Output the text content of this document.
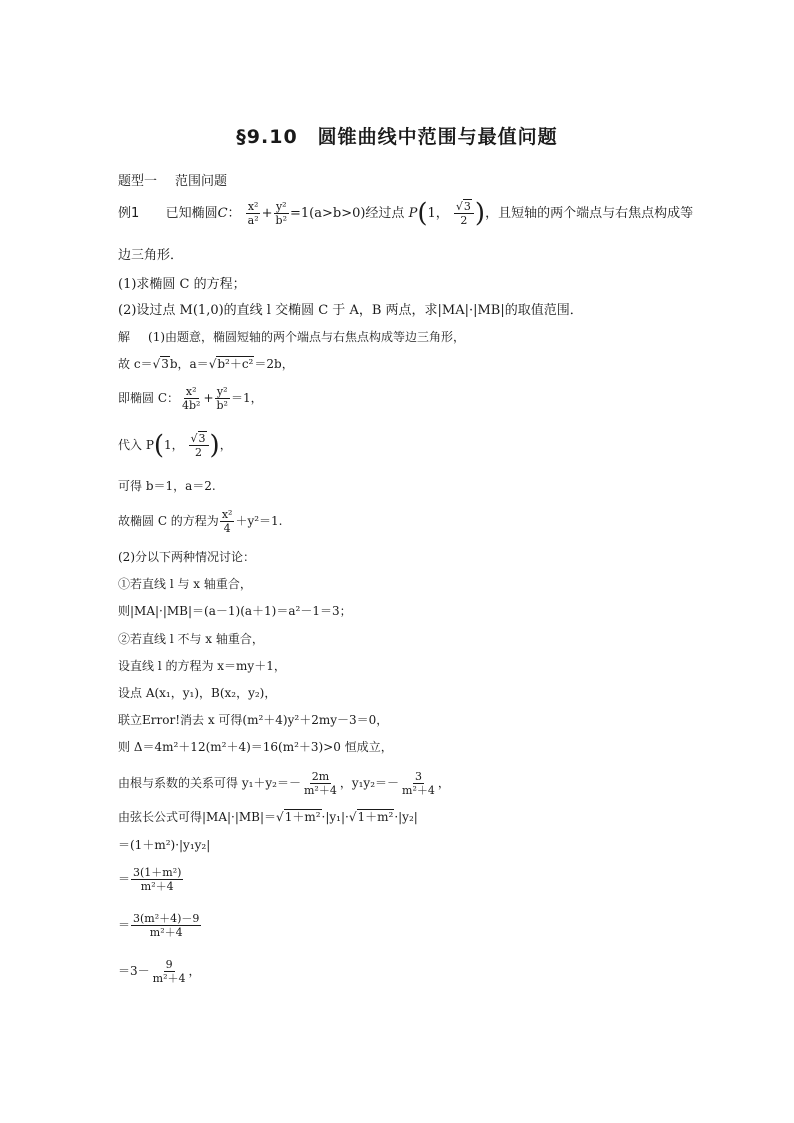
§9.10　圆锥曲线中范围与最值问题
题型一 范围问题
例1 已知椭圆C： $\frac{\text{x²}}{\text{a²}} + \frac{\text{y²}}{\text{b²}} =1(a>b>0)$经过点 P(1， $\frac{√3}{2}$ )，且短轴的两个端点与右焦点构成等
边三角形．
(1)求椭圆 C 的方程；
(2)设过点 M(1,0)的直线 l 交椭圆 C 于 A，B 两点，求|MA|·|MB|的取值范围．
解 (1)由题意，椭圆短轴的两个端点与右焦点构成等边三角形，
故 c＝√3b，a＝√b²＋c²＝2b，
即椭圆 C： $\frac{\text{x²}}{\text{4b²}} + \frac{\text{y²}}{\text{b²}} =1$，
代入 P(1， $\frac{√3}{2}$ )，
可得 b＝1，a＝2.
故椭圆 C 的方程为 $\frac{\text{x²}}{4} +y^2=1$.
(2)分以下两种情况讨论：
①若直线 l 与 x 轴重合，
则|MA|·|MB|＝(a－1)(a＋1)＝a²－1＝3；
②若直线 l 不与 x 轴重合，
设直线 l 的方程为 x＝my＋1，
设点 A(x₁，y₁)，B(x₂，y₂)，
联立Error!消去 x 可得(m²＋4)y²＋2my－3＝0，
则 Δ＝4m²＋12(m²＋4)＝16(m²＋3)>0 恒成立，
由根与系数的关系可得 $y_1+y_2=- \frac{2m}{\text{m²＋4}}$ ，$y_1y_2=- \frac{3}{\text{m²＋4}}$ ，
由弦长公式可得|MA|·|MB|＝√1＋m²·|y₁|·√1＋m²·|y₂|
＝(1＋m²)·|y₁y₂|
＝ $\frac{\text{3(1＋m²)}}{\text{m²＋4}}$
＝ $\frac{\text{3(m²＋4)－9}}{\text{m²＋4}}$
$=3- \frac{9}{\text{m²＋4}}$ ，
